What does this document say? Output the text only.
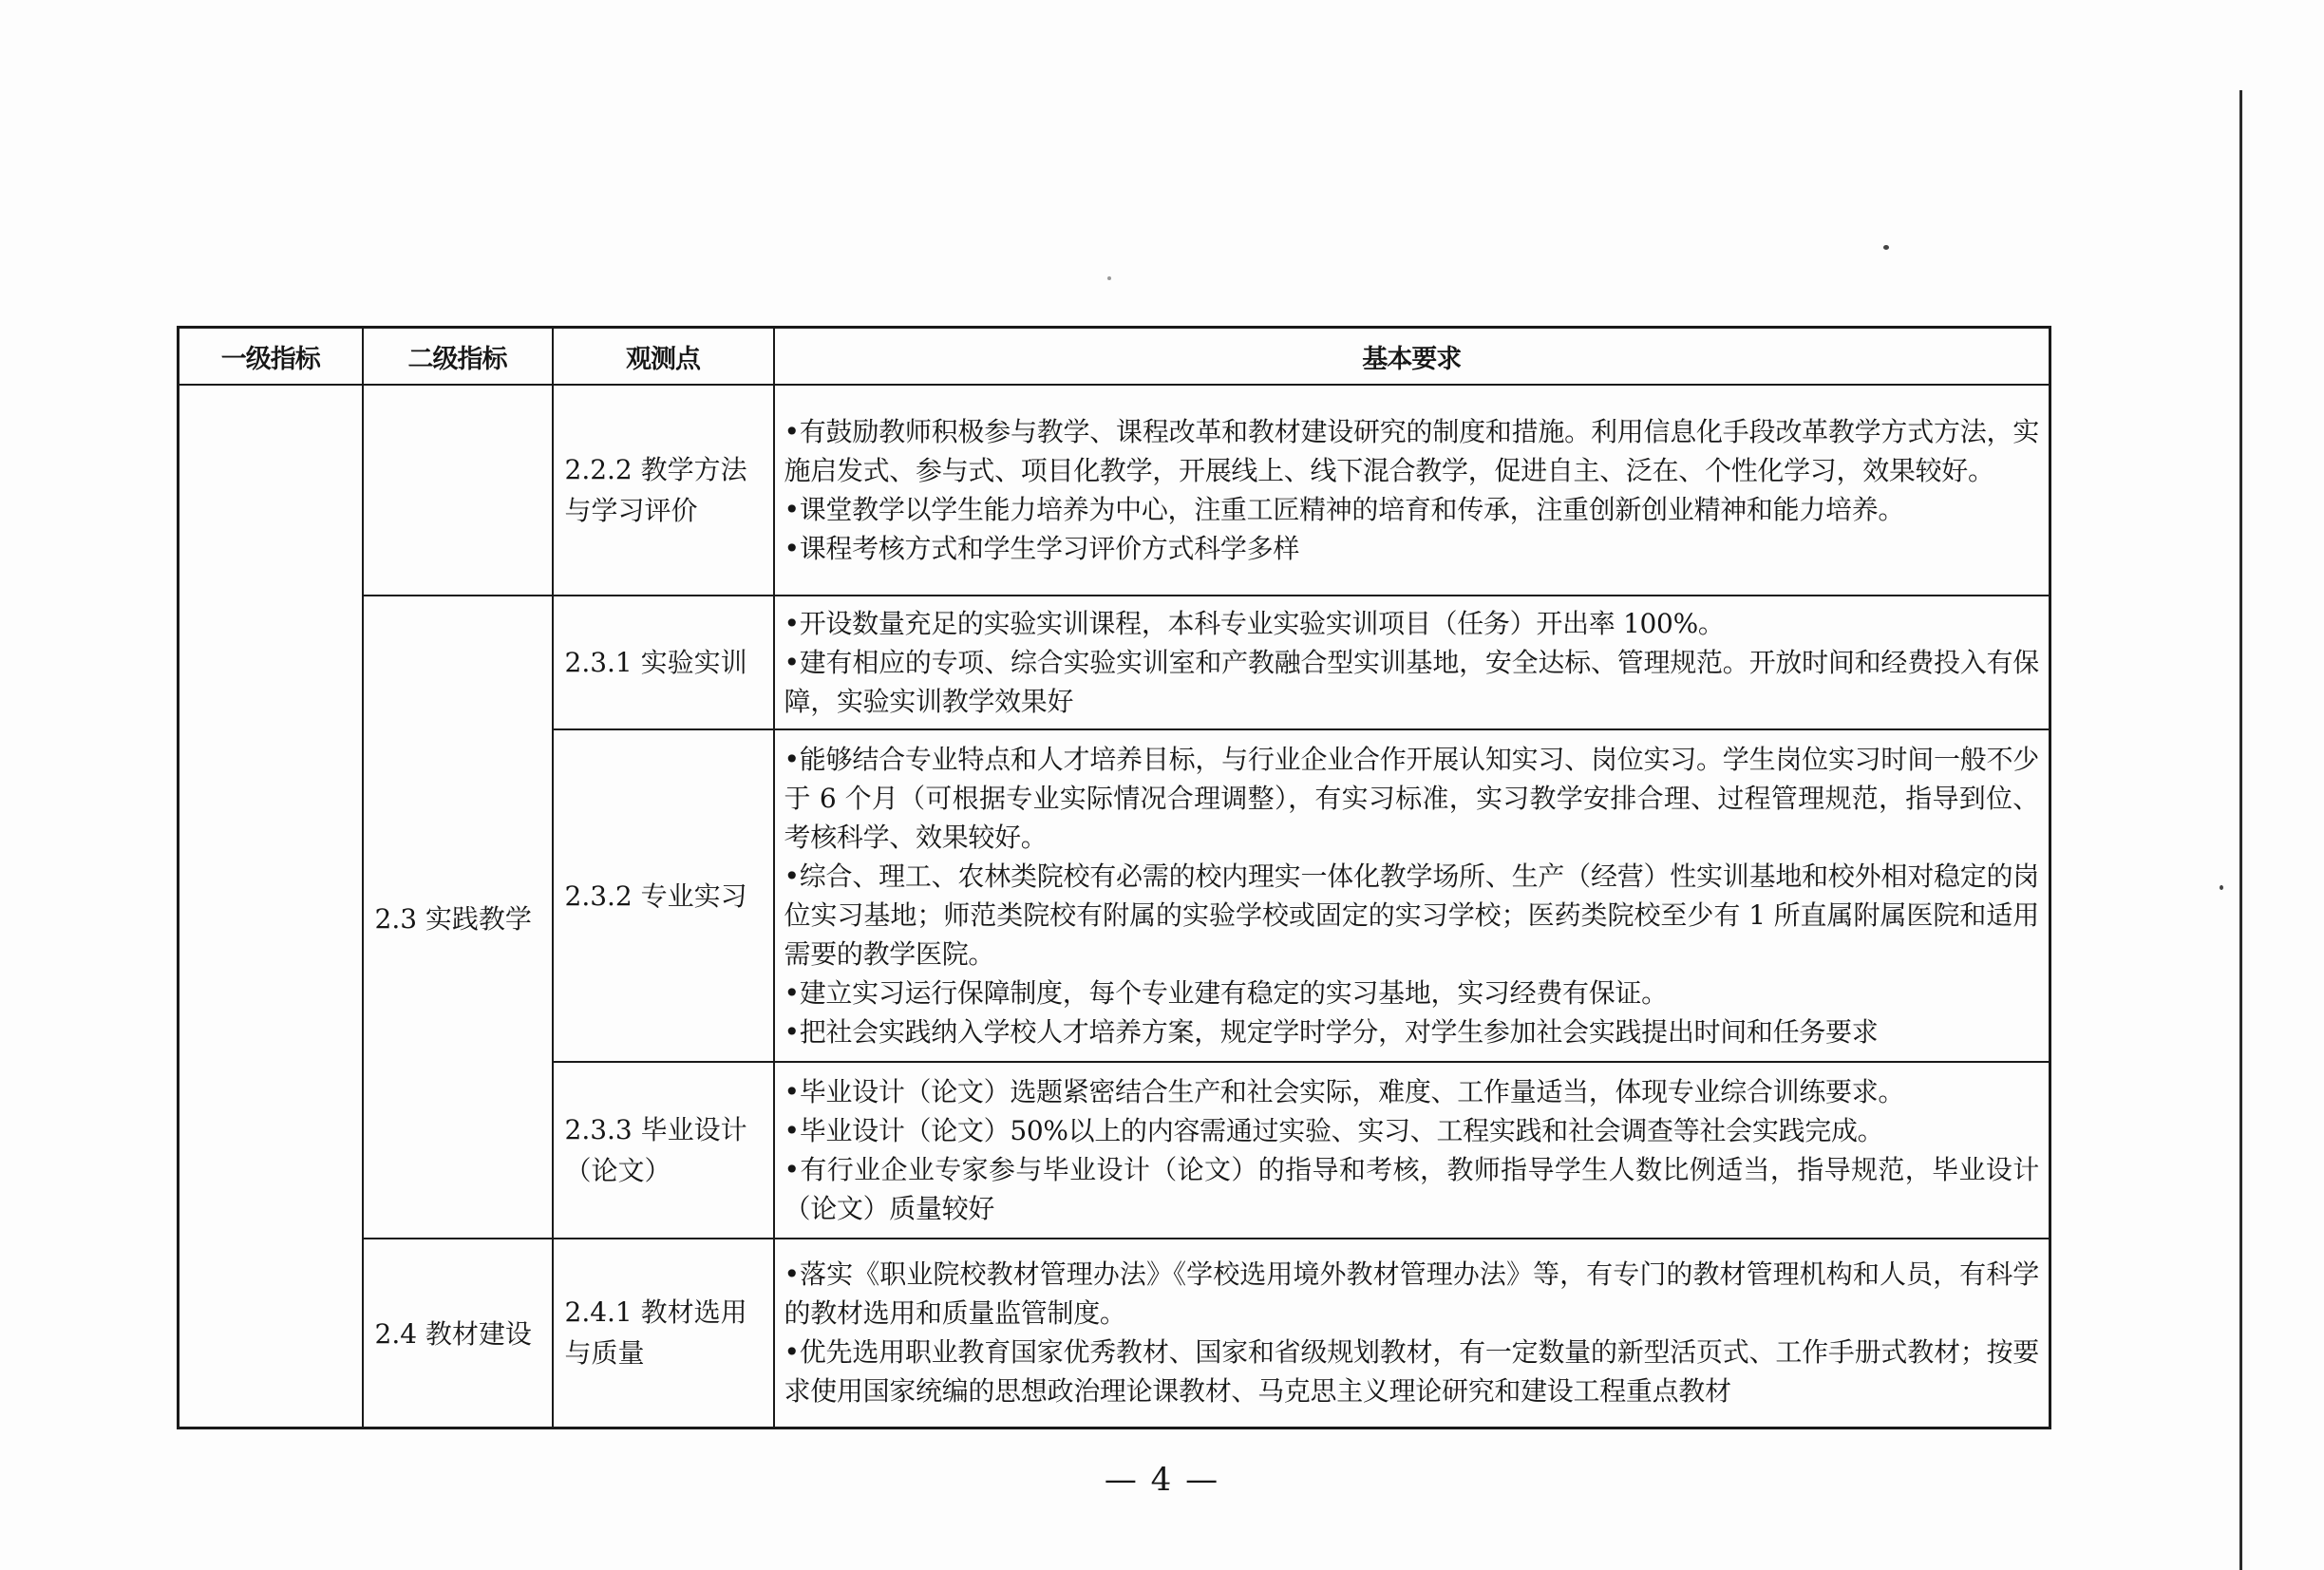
一级指标	二级指标	观测点	基本要求
		2.2.2 教学方法与学习评价	•有鼓励教师积极参与教学、课程改革和教材建设研究的制度和措施。利用信息化手段改革教学方式方法，实施启发式、参与式、项目化教学，开展线上、线下混合教学，促进自主、泛在、个性化学习，效果较好。
•课堂教学以学生能力培养为中心，注重工匠精神的培育和传承，注重创新创业精神和能力培养。
•课程考核方式和学生学习评价方式科学多样

	2.3 实践教学	2.3.1 实验实训	•开设数量充足的实验实训课程，本科专业实验实训项目（任务）开出率 100%。
•建有相应的专项、综合实验实训室和产教融合型实训基地，安全达标、管理规范。开放时间和经费投入有保障，实验实训教学效果好

		2.3.2 专业实习	•能够结合专业特点和人才培养目标，与行业企业合作开展认知实习、岗位实习。学生岗位实习时间一般不少于 6 个月（可根据专业实际情况合理调整），有实习标准，实习教学安排合理、过程管理规范，指导到位、考核科学、效果较好。
•综合、理工、农林类院校有必需的校内理实一体化教学场所、生产（经营）性实训基地和校外相对稳定的岗位实习基地；师范类院校有附属的实验学校或固定的实习学校；医药类院校至少有 1 所直属附属医院和适用需要的教学医院。
•建立实习运行保障制度，每个专业建有稳定的实习基地，实习经费有保证。
•把社会实践纳入学校人才培养方案，规定学时学分，对学生参加社会实践提出时间和任务要求

		2.3.3 毕业设计（论文）	•毕业设计（论文）选题紧密结合生产和社会实际，难度、工作量适当，体现专业综合训练要求。
•毕业设计（论文）50%以上的内容需通过实验、实习、工程实践和社会调查等社会实践完成。
•有行业企业专家参与毕业设计（论文）的指导和考核，教师指导学生人数比例适当，指导规范，毕业设计（论文）质量较好

	2.4 教材建设	2.4.1 教材选用与质量	•落实《职业院校教材管理办法》《学校选用境外教材管理办法》等，有专门的教材管理机构和人员，有科学的教材选用和质量监管制度。
•优先选用职业教育国家优秀教材、国家和省级规划教材，有一定数量的新型活页式、工作手册式教材；按要求使用国家统编的思想政治理论课教材、马克思主义理论研究和建设工程重点教材
— 4 —
